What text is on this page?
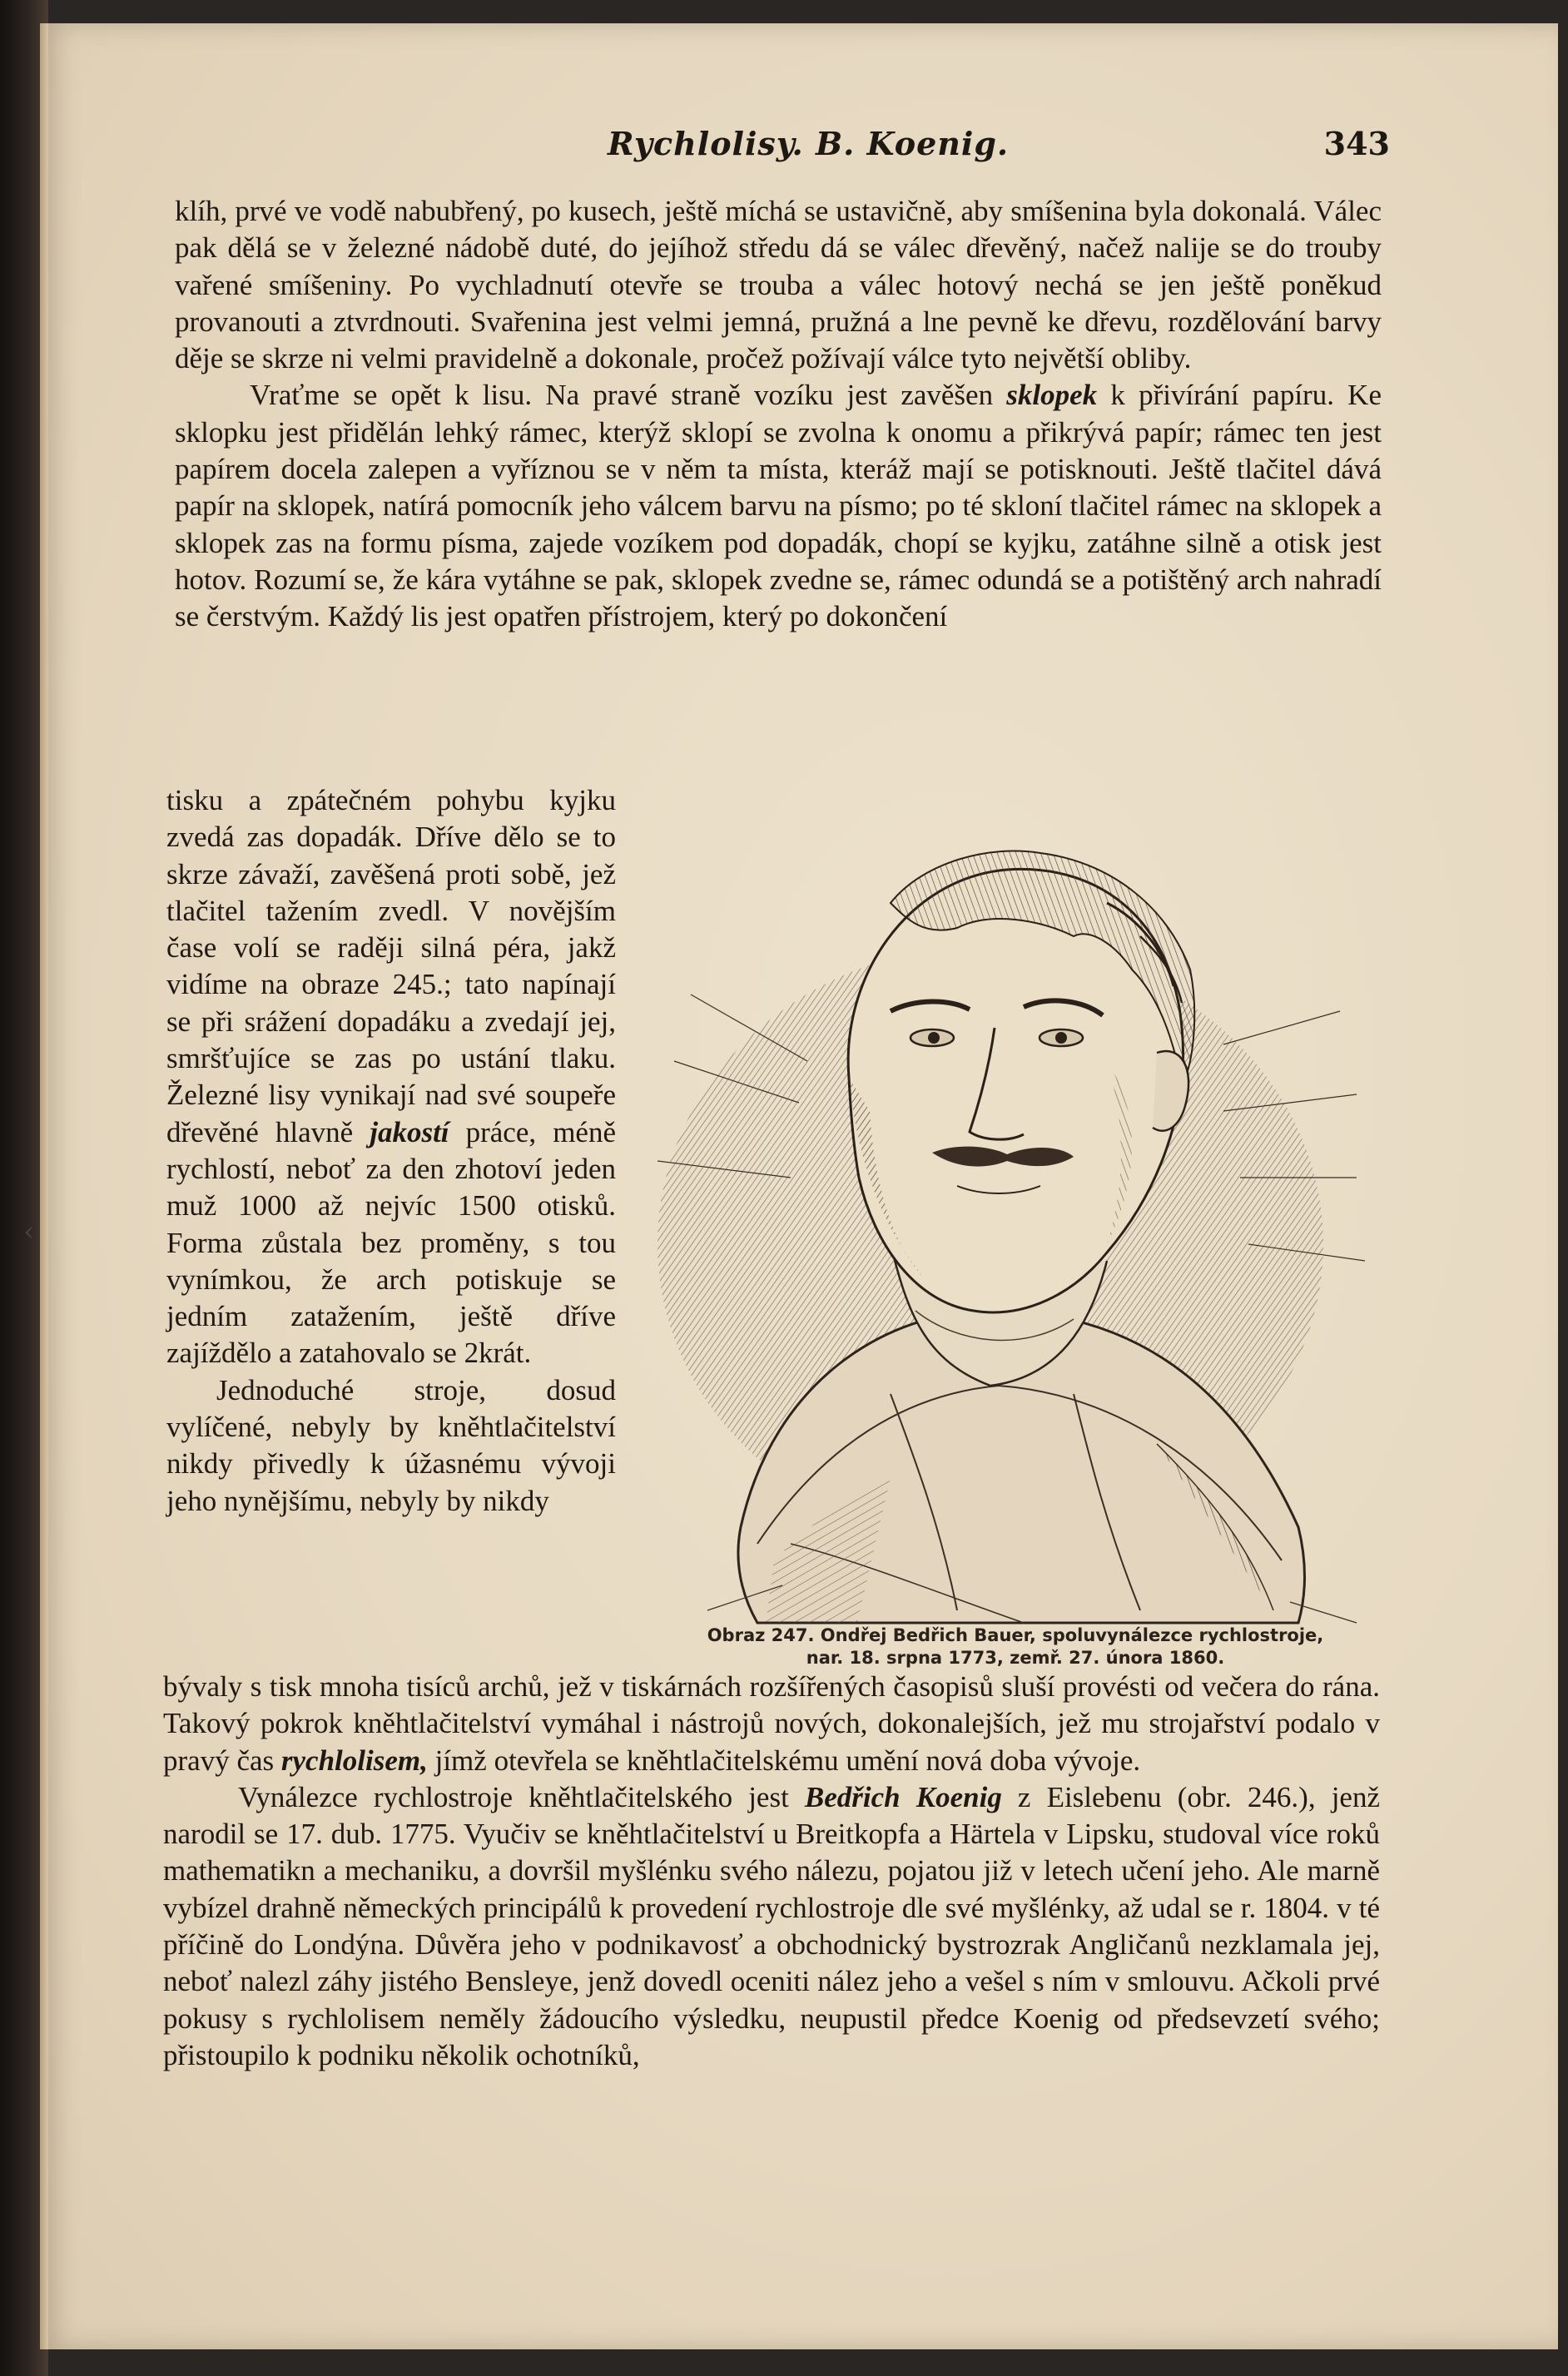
‹
Rychlolisy. B. Koenig.	343

klíh, prvé ve vodě nabubřený, po kusech, ještě míchá se ustavičně, aby smíšenina byla dokonalá. Válec pak dělá se v železné nádobě duté, do jejíhož středu dá se válec dřevěný, načež nalije se do trouby vařené smíšeniny. Po vychladnutí otevře se trouba a válec hotový nechá se jen ještě poněkud provanouti a ztvrdnouti. Svařenina jest velmi jemná, pružná a lne pevně ke dřevu, rozdělování barvy děje se skrze ni velmi pravidelně a dokonale, pročež požívají válce tyto největší obliby.

Vraťme se opět k lisu. Na pravé straně vozíku jest zavěšen sklopek k přivírání papíru. Ke sklopku jest přidělán lehký rámec, kterýž sklopí se zvolna k onomu a přikrývá papír; rámec ten jest papírem docela zalepen a vyříznou se v něm ta místa, kteráž mají se potisknouti. Ještě tlačitel dává papír na sklopek, natírá pomocník jeho válcem barvu na písmo; po té skloní tlačitel rámec na sklopek a sklopek zas na formu písma, zajede vozíkem pod dopadák, chopí se kyjku, zatáhne silně a otisk jest hotov. Rozumí se, že kára vytáhne se pak, sklopek zvedne se, rámec odundá se a potištěný arch nahradí se čerstvým. Každý lis jest opatřen přístrojem, který po dokončení

tisku a zpátečném pohybu kyjku zvedá zas dopadák. Dříve dělo se to skrze závaží, zavěšená proti sobě, jež tlačitel tažením zvedl. V novějším čase volí se raději silná péra, jakž vidíme na obraze 245.; tato napínají se při srážení dopadáku a zvedají jej, smršťujíce se zas po ustání tlaku. Železné lisy vynikají nad své soupeře dřevěné hlavně jakostí práce, méně rychlostí, neboť za den zhotoví jeden muž 1000 až nejvíc 1500 otisků. Forma zůstala bez proměny, s tou vynímkou, že arch potiskuje se jedním zatažením, ještě dříve zajíždělo a zatahovalo se 2krát.

Jednoduché stroje, dosud vylíčené, nebyly by kněhtlačitelství nikdy přivedly k úžasnému vývoji jeho nynějšímu, nebyly by nikdy

Obraz 247. Ondřej Bedřich Bauer, spoluvynálezce rychlostroje,
nar. 18. srpna 1773, zemř. 27. února 1860.

bývaly s tisk mnoha tisíců archů, jež v tiskárnách rozšířených časopisů sluší provésti od večera do rána. Takový pokrok kněhtlačitelství vymáhal i nástrojů nových, dokonalejších, jež mu strojařství podalo v pravý čas rychlolisem, jímž otevřela se kněhtlačitelskému umění nová doba vývoje.

Vynálezce rychlostroje kněhtlačitelského jest Bedřich Koenig z Eislebenu (obr. 246.), jenž narodil se 17. dub. 1775. Vyučiv se kněhtlačitelství u Breitkopfa a Härtela v Lipsku, studoval více roků mathematikn a mechaniku, a dovršil myšlénku svého nálezu, pojatou již v letech učení jeho. Ale marně vybízel drahně německých principálů k provedení rychlostroje dle své myšlénky, až udal se r. 1804. v té příčině do Londýna. Důvěra jeho v podnikavosť a obchodnický bystrozrak Angličanů nezklamala jej, neboť nalezl záhy jistého Bensleye, jenž dovedl oceniti nález jeho a vešel s ním v smlouvu. Ačkoli prvé pokusy s rychlolisem neměly žádoucího výsledku, neupustil předce Koenig od předsevzetí svého; přistoupilo k podniku několik ochotníků,
